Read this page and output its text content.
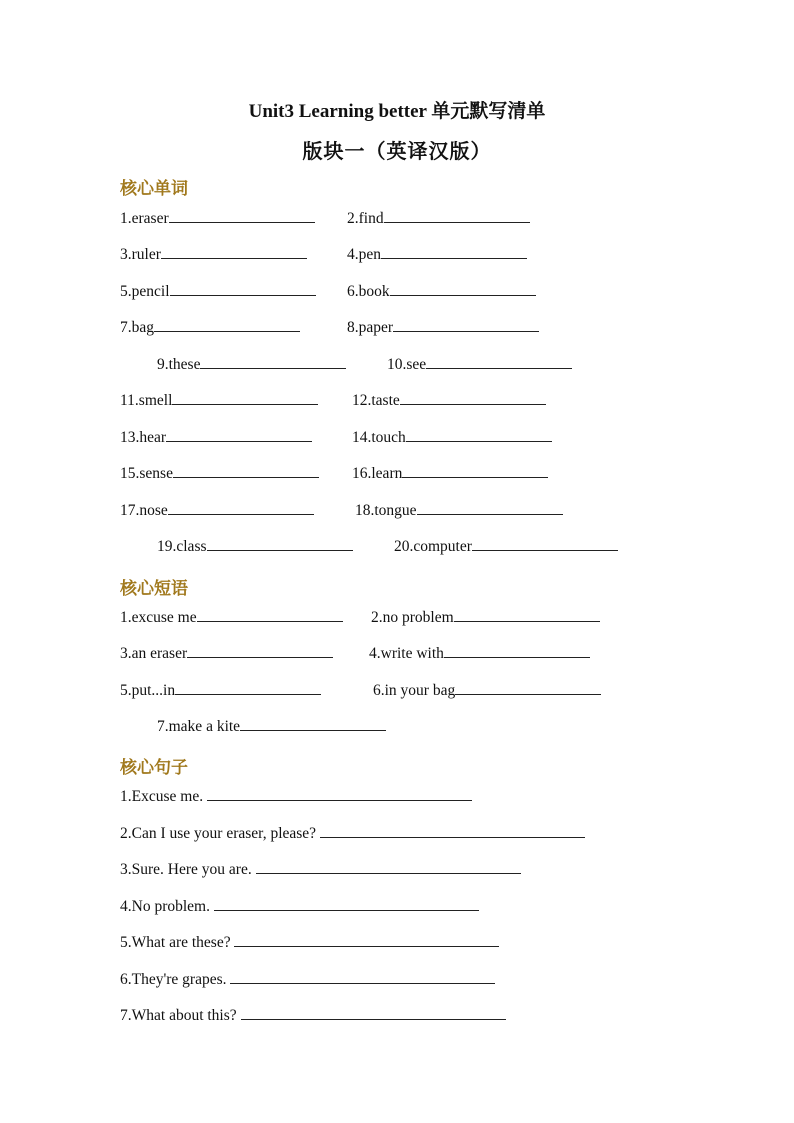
Unit3 Learning better 单元默写清单
版块一（英译汉版）
核心单词
1.eraser	2.find
3.ruler	4.pen
5.pencil	6.book
7.bag	8.paper
9.these	10.see
11.smell	12.taste
13.hear	14.touch
15.sense	16.learn
17.nose	18.tongue
19.class	20.computer
核心短语
1.excuse me	2.no problem
3.an eraser	4.write with
5.put...in	6.in your bag
7.make a kite
核心句子
1.Excuse me.
2.Can I use your eraser, please?
3.Sure. Here you are.
4.No problem.
5.What are these?
6.They're grapes.
7.What about this?
